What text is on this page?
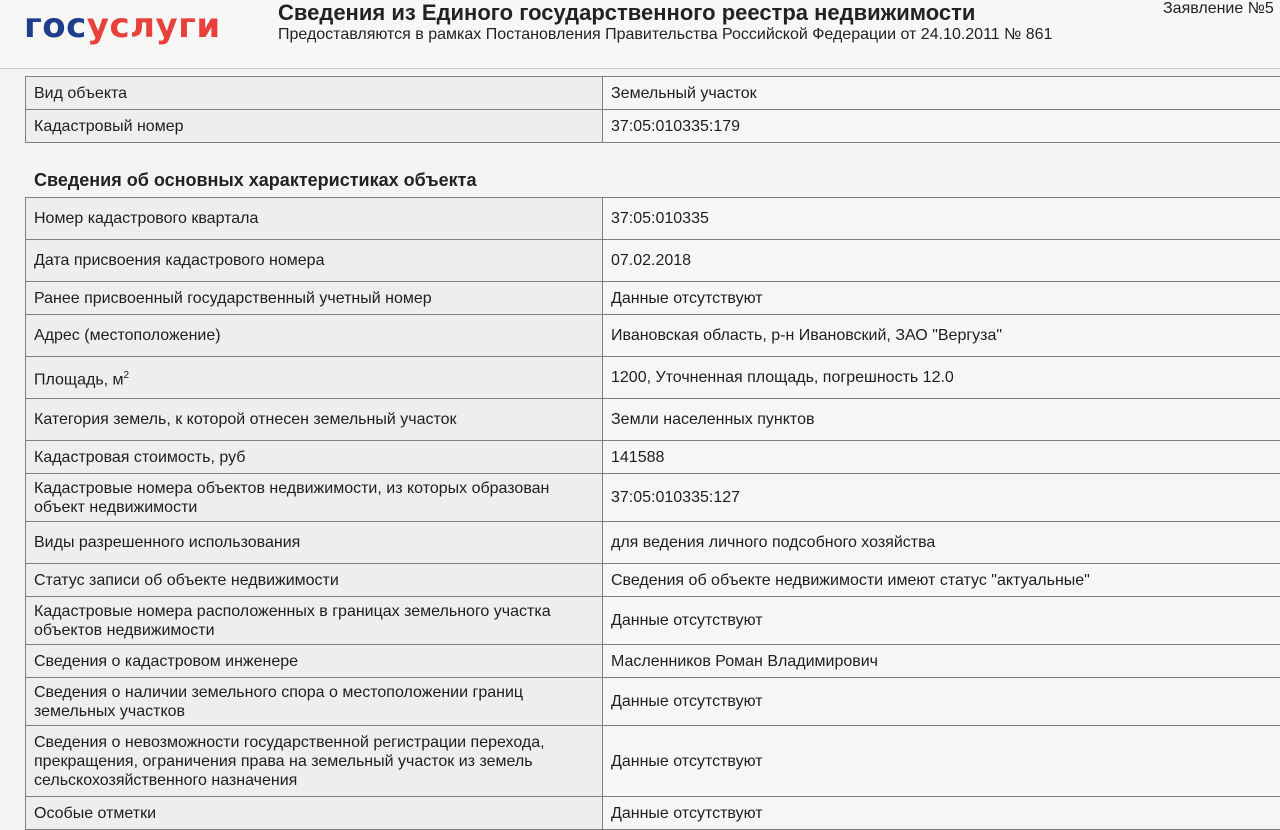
госуслуги	Сведения из Единого государственного реестра недвижимости
Предоставляются в рамках Постановления Правительства Российской Федерации от 24.10.2011 № 861
Заявление №5
Вид объекта	Земельный участок
Кадастровый номер	37:05:010335:179
Сведения об основных характеристиках объекта
Номер кадастрового квартала	37:05:010335
Дата присвоения кадастрового номера	07.02.2018
Ранее присвоенный государственный учетный номер	Данные отсутствуют
Адрес (местоположение)	Ивановская область, р-н Ивановский, ЗАО "Вергуза"
Площадь, $м^2$	1200, Уточненная площадь, погрешность 12.0
Категория земель, к которой отнесен земельный участок	Земли населенных пунктов
Кадастровая стоимость, руб	141588
Кадастровые номера объектов недвижимости, из которых образован объект недвижимости	37:05:010335:127
Виды разрешенного использования	для ведения личного подсобного хозяйства
Статус записи об объекте недвижимости	Сведения об объекте недвижимости имеют статус "актуальные"
Кадастровые номера расположенных в границах земельного участка объектов недвижимости	Данные отсутствуют
Сведения о кадастровом инженере	Масленников Роман Владимирович
Сведения о наличии земельного спора о местоположении границ земельных участков	Данные отсутствуют
Сведения о невозможности государственной регистрации перехода, прекращения, ограничения права на земельный участок из земель сельскохозяйственного назначения	Данные отсутствуют
Особые отметки	Данные отсутствуют
